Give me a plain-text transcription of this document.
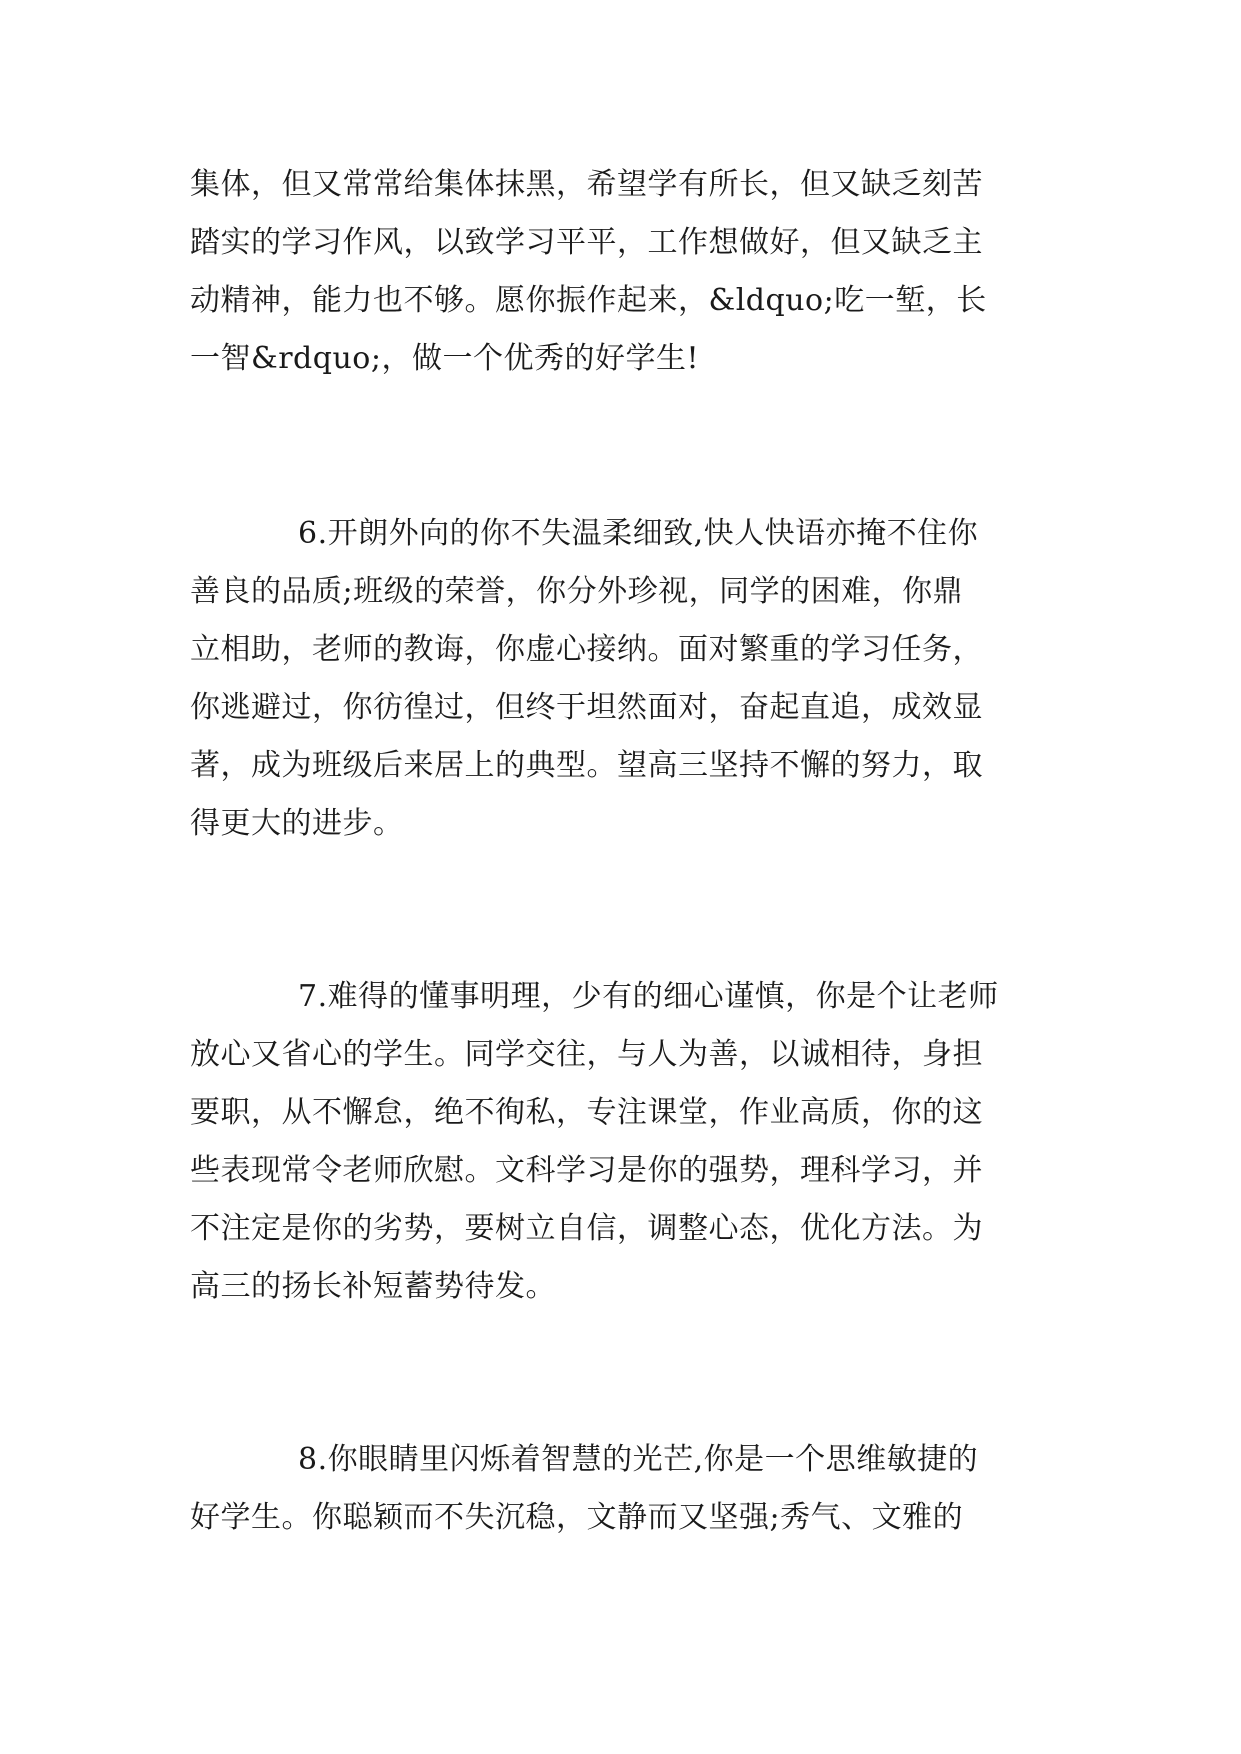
集体，但又常常给集体抹黑，希望学有所长，但又缺乏刻苦
踏实的学习作风，以致学习平平，工作想做好，但又缺乏主
动精神，能力也不够。愿你振作起来，&ldquo;吃一堑，长
一智&rdquo;，做一个优秀的好学生!
6.开朗外向的你不失温柔细致,快人快语亦掩不住你
善良的品质;班级的荣誉，你分外珍视，同学的困难，你鼎
立相助，老师的教诲，你虚心接纳。面对繁重的学习任务，
你逃避过，你彷徨过，但终于坦然面对，奋起直追，成效显
著，成为班级后来居上的典型。望高三坚持不懈的努力，取
得更大的进步。
7.难得的懂事明理，少有的细心谨慎，你是个让老师
放心又省心的学生。同学交往，与人为善，以诚相待，身担
要职，从不懈怠，绝不徇私，专注课堂，作业高质，你的这
些表现常令老师欣慰。文科学习是你的强势，理科学习，并
不注定是你的劣势，要树立自信，调整心态，优化方法。为
高三的扬长补短蓄势待发。
8.你眼睛里闪烁着智慧的光芒,你是一个思维敏捷的
好学生。你聪颖而不失沉稳，文静而又坚强;秀气、文雅的
